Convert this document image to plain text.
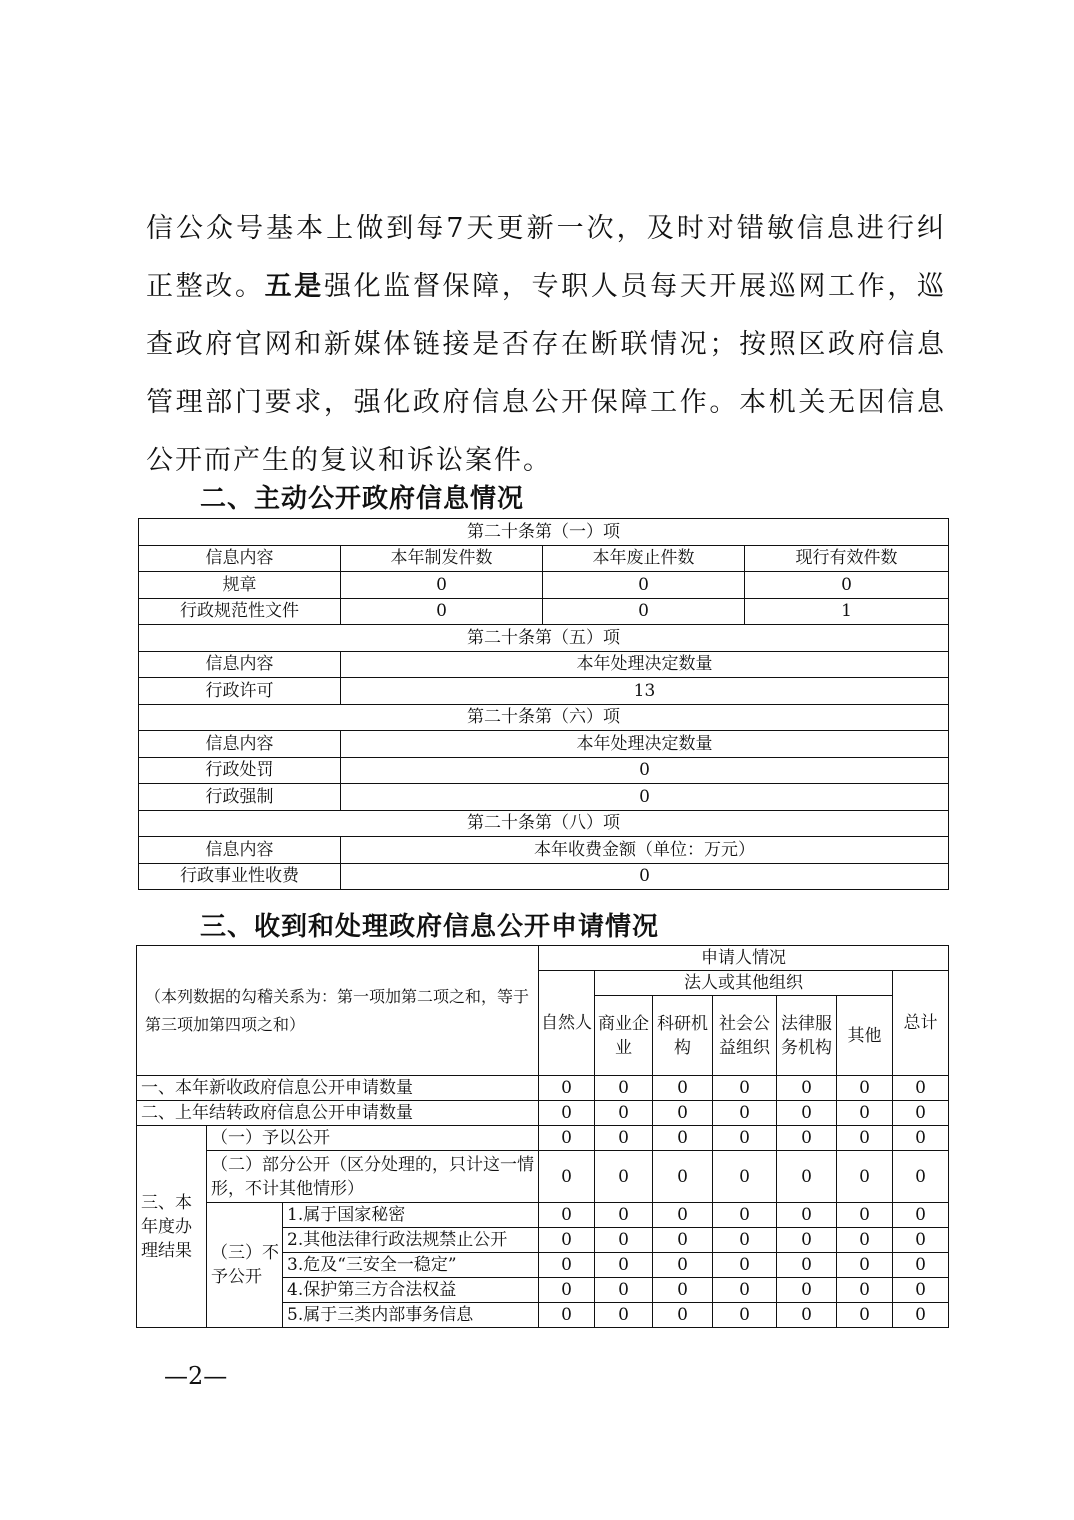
信公众号基本上做到每7天更新一次，及时对错敏信息进行纠正整改。五是强化监督保障，专职人员每天开展巡网工作，巡查政府官网和新媒体链接是否存在断联情况；按照区政府信息管理部门要求，强化政府信息公开保障工作。本机关无因信息公开而产生的复议和诉讼案件。

二、主动公开政府信息情况
第二十条第（一）项			
信息内容	本年制发件数	本年废止件数	现行有效件数
规章	0	0	0
行政规范性文件	0	0	1
第二十条第（五）项			
信息内容	本年处理决定数量		
行政许可	13		
第二十条第（六）项			
信息内容	本年处理决定数量		
行政处罚	0		
行政强制	0		
第二十条第（八）项			
信息内容	本年收费金额（单位：万元）		
行政事业性收费	0		
三、收到和处理政府信息公开申请情况
（本列数据的勾稽关系为：第一项加第二项之和，等于第三项加第四项之和）			申请人情况						
			自然人	法人或其他组织					总计
				商业企业	科研机构	社会公益组织	法律服务机构	其他	
一、本年新收政府信息公开申请数量			0	0	0	0	0	0	0
二、上年结转政府信息公开申请数量			0	0	0	0	0	0	0
三、本年度办理结果	（一）予以公开		0	0	0	0	0	0	0
	（二）部分公开（区分处理的，只计这一情形，不计其他情形）		0	0	0	0	0	0	0
	（三）不予公开	1.属于国家秘密	0	0	0	0	0	0	0
		2.其他法律行政法规禁止公开	0	0	0	0	0	0	0
		3.危及“三安全一稳定”	0	0	0	0	0	0	0
		4.保护第三方合法权益	0	0	0	0	0	0	0
		5.属于三类内部事务信息	0	0	0	0	0	0	0

—2—
